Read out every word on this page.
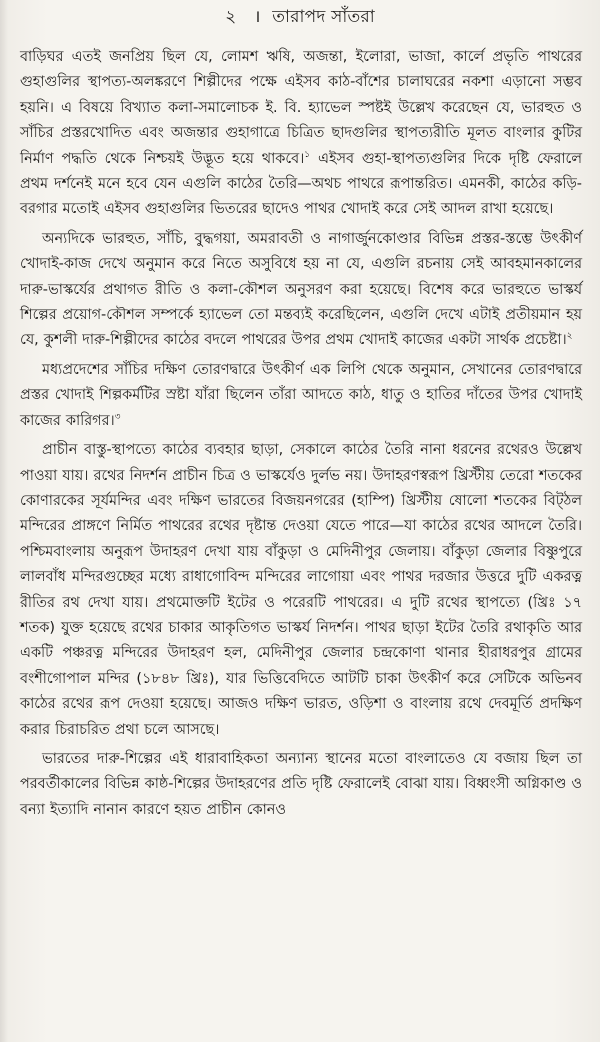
২ । তারাপদ সাঁতরা

বাড়িঘর এতই জনপ্রিয় ছিল যে, লোমশ ঋষি, অজন্তা, ইলোরা, ভাজা, কার্লে প্রভৃতি পাথরের গুহাগুলির স্থাপত্য-অলঙ্করণে শিল্পীদের পক্ষে এইসব কাঠ-বাঁশের চালাঘরের নকশা এড়ানো সম্ভব হয়নি। এ বিষয়ে বিখ্যাত কলা-সমালোচক ই. বি. হ্যাভেল স্পষ্টই উল্লেখ করেছেন যে, ভারহুত ও সাঁচির প্রস্তরখোদিত এবং অজন্তার গুহাগাত্রে চিত্রিত ছাদগুলির স্থাপত্যরীতি মূলত বাংলার কুটির নির্মাণ পদ্ধতি থেকে নিশ্চয়ই উদ্ভূত হয়ে থাকবে।$^১$ এইসব গুহা-স্থাপত্যগুলির দিকে দৃষ্টি ফেরালে প্রথম দর্শনেই মনে হবে যেন এগুলি কাঠের তৈরি—অথচ পাথরে রূপান্তরিত। এমনকী, কাঠের কড়ি-বরগার মতোই এইসব গুহাগুলির ভিতরের ছাদেও পাথর খোদাই করে সেই আদল রাখা হয়েছে।

অন্যদিকে ভারহুত, সাঁচি, বুদ্ধগয়া, অমরাবতী ও নাগার্জুনকোণ্ডার বিভিন্ন প্রস্তর-স্তম্ভে উৎকীর্ণ খোদাই-কাজ দেখে অনুমান করে নিতে অসুবিধে হয় না যে, এগুলি রচনায় সেই আবহমানকালের দারু-ভাস্কর্যের প্রথাগত রীতি ও কলা-কৌশল অনুসরণ করা হয়েছে। বিশেষ করে ভারহুতে ভাস্কর্য শিল্পের প্রয়োগ-কৌশল সম্পর্কে হ্যাভেল তো মন্তব্যই করেছিলেন, এগুলি দেখে এটাই প্রতীয়মান হয় যে, কুশলী দারু-শিল্পীদের কাঠের বদলে পাথরের উপর প্রথম খোদাই কাজের একটা সার্থক প্রচেষ্টা।$^২$

মধ্যপ্রদেশের সাঁচির দক্ষিণ তোরণদ্বারে উৎকীর্ণ এক লিপি থেকে অনুমান, সেখানের তোরণদ্বারে প্রস্তর খোদাই শিল্পকর্মটির স্রষ্টা যাঁরা ছিলেন তাঁরা আদতে কাঠ, ধাতু ও হাতির দাঁতের উপর খোদাই কাজের কারিগর।$^৩$

প্রাচীন বাস্তু-স্থাপত্যে কাঠের ব্যবহার ছাড়া, সেকালে কাঠের তৈরি নানা ধরনের রথেরও উল্লেখ পাওয়া যায়। রথের নিদর্শন প্রাচীন চিত্র ও ভাস্কর্যেও দুর্লভ নয়। উদাহরণস্বরূপ খ্রিস্টীয় তেরো শতকের কোণারকের সূর্যমন্দির এবং দক্ষিণ ভারতের বিজয়নগরের (হাম্পি) খ্রিস্টীয় ষোলো শতকের বিট্‌ঠল মন্দিরের প্রাঙ্গণে নির্মিত পাথরের রথের দৃষ্টান্ত দেওয়া যেতে পারে—যা কাঠের রথের আদলে তৈরি। পশ্চিমবাংলায় অনুরূপ উদাহরণ দেখা যায় বাঁকুড়া ও মেদিনীপুর জেলায়। বাঁকুড়া জেলার বিষ্ণুপুরে লালবাঁধ মন্দিরগুচ্ছের মধ্যে রাধাগোবিন্দ মন্দিরের লাগোয়া এবং পাথর দরজার উত্তরে দুটি একরত্ন রীতির রথ দেখা যায়। প্রথমোক্তটি ইটের ও পরেরটি পাথরের। এ দুটি রথের স্থাপত্যে (খ্রিঃ ১৭ শতক) যুক্ত হয়েছে রথের চাকার আকৃতিগত ভাস্কর্য নিদর্শন। পাথর ছাড়া ইটের তৈরি রথাকৃতি আর একটি পঞ্চরত্ন মন্দিরের উদাহরণ হল, মেদিনীপুর জেলার চন্দ্রকোণা থানার হীরাধরপুর গ্রামের বংশীগোপাল মন্দির (১৮৪৮ খ্রিঃ), যার ভিত্তিবেদিতে আটটি চাকা উৎকীর্ণ করে সেটিকে অভিনব কাঠের রথের রূপ দেওয়া হয়েছে। আজও দক্ষিণ ভারত, ওড়িশা ও বাংলায় রথে দেবমূর্তি প্রদক্ষিণ করার চিরাচরিত প্রথা চলে আসছে।

ভারতের দারু-শিল্পের এই ধারাবাহিকতা অন্যান্য স্থানের মতো বাংলাতেও যে বজায় ছিল তা পরবর্তীকালের বিভিন্ন কাষ্ঠ-শিল্পের উদাহরণের প্রতি দৃষ্টি ফেরালেই বোঝা যায়। বিধ্বংসী অগ্নিকাণ্ড ও বন্যা ইত্যাদি নানান কারণে হয়ত প্রাচীন কোনও
